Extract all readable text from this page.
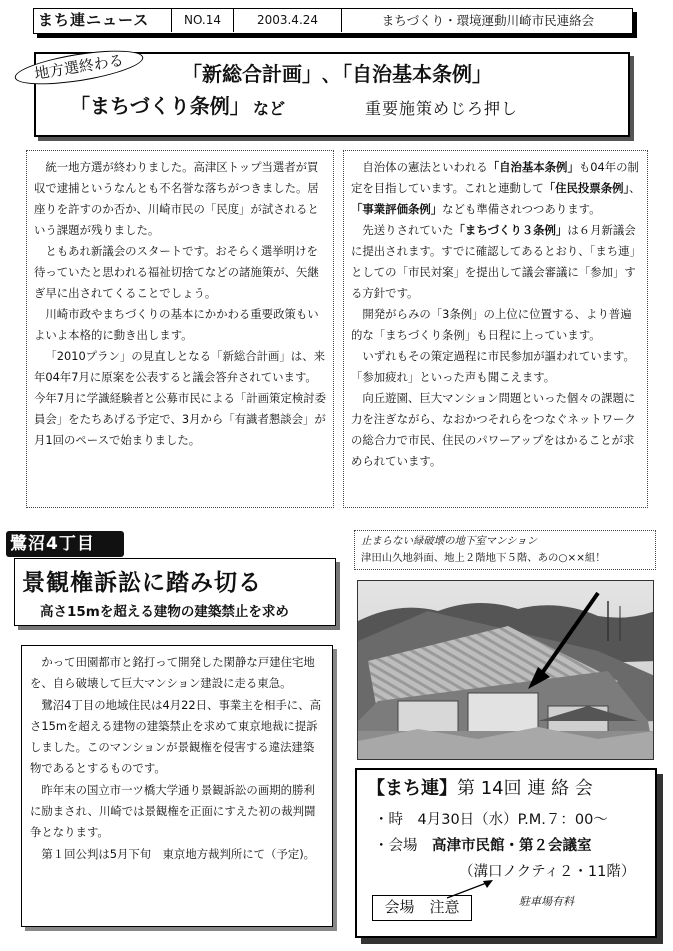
まち連ニュース	NO.14	2003.4.24	まちづくり・環境運動川崎市民連絡会
地方選終わる	「新総合計画」､「自治基本条例」
「まちづくり条例」 など	重要施策めじろ押し

統一地方選が終わりました。高津区トップ当選者が買収で逮捕というなんとも不名誉な落ちがつきました。居座りを許すのか否か、川崎市民の「民度」が試されるという課題が残りました。

ともあれ新議会のスタートです。おそらく選挙明けを待っていたと思われる福祉切捨てなどの諸施策が、矢継ぎ早に出されてくることでしょう。

川崎市政やまちづくりの基本にかかわる重要政策もいよいよ本格的に動き出します。

「2010プラン」の見直しとなる「新総合計画」は、来年04年7月に原案を公表すると議会答弁されています。今年7月に学識経験者と公募市民による「計画策定検討委員会」をたちあげる予定で、3月から「有識者懇談会」が月1回のペースで始まりました。

自治体の憲法といわれる「自治基本条例」も04年の制定を目指しています。これと連動して「住民投票条例」、「事業評価条例」なども準備されつつあります。

先送りされていた「まちづくり３条例」は６月新議会に提出されます。すでに確認してあるとおり、「まち連」としての「市民対案」を提出して議会審議に「参加」する方針です。

開発がらみの「3条例」の上位に位置する、より普遍的な「まちづくり条例」も日程に上っています。

いずれもその策定過程に市民参加が謳われています。「参加疲れ」といった声も聞こえます。

向丘遊園、巨大マンション問題といった個々の課題に力を注ぎながら、なおかつそれらをつなぐネットワークの総合力で市民、住民のパワーアップをはかることが求められています。

鷺沼4丁目
景観権訴訟に踏み切る
高さ15mを超える建物の建築禁止を求め

かって田園都市と銘打って開発した閑静な戸建住宅地を、自ら破壊して巨大マンション建設に走る東急。

鷺沼4丁目の地域住民は4月22日、事業主を相手に、高さ15mを超える建物の建築禁止を求めて東京地裁に提訴しました。このマンションが景観権を侵害する違法建築物であるとするものです。

昨年末の国立市一ツ橋大学通り景観訴訟の画期的勝利に励まされ、川崎では景観権を正面にすえた初の裁判闘争となります。

第１回公判は5月下旬　東京地方裁判所にて（予定)。

止まらない緑破壊の地下室マンション
津田山久地斜面、地上２階地下５階、あの○××組！
【まち連】第 14回 連 絡 会
・時　4月30日（水）P.M.７：00～
・会場　 高津市民館・第２会議室
（溝口ノクティ２・11階）
会場　注意	駐車場有料
